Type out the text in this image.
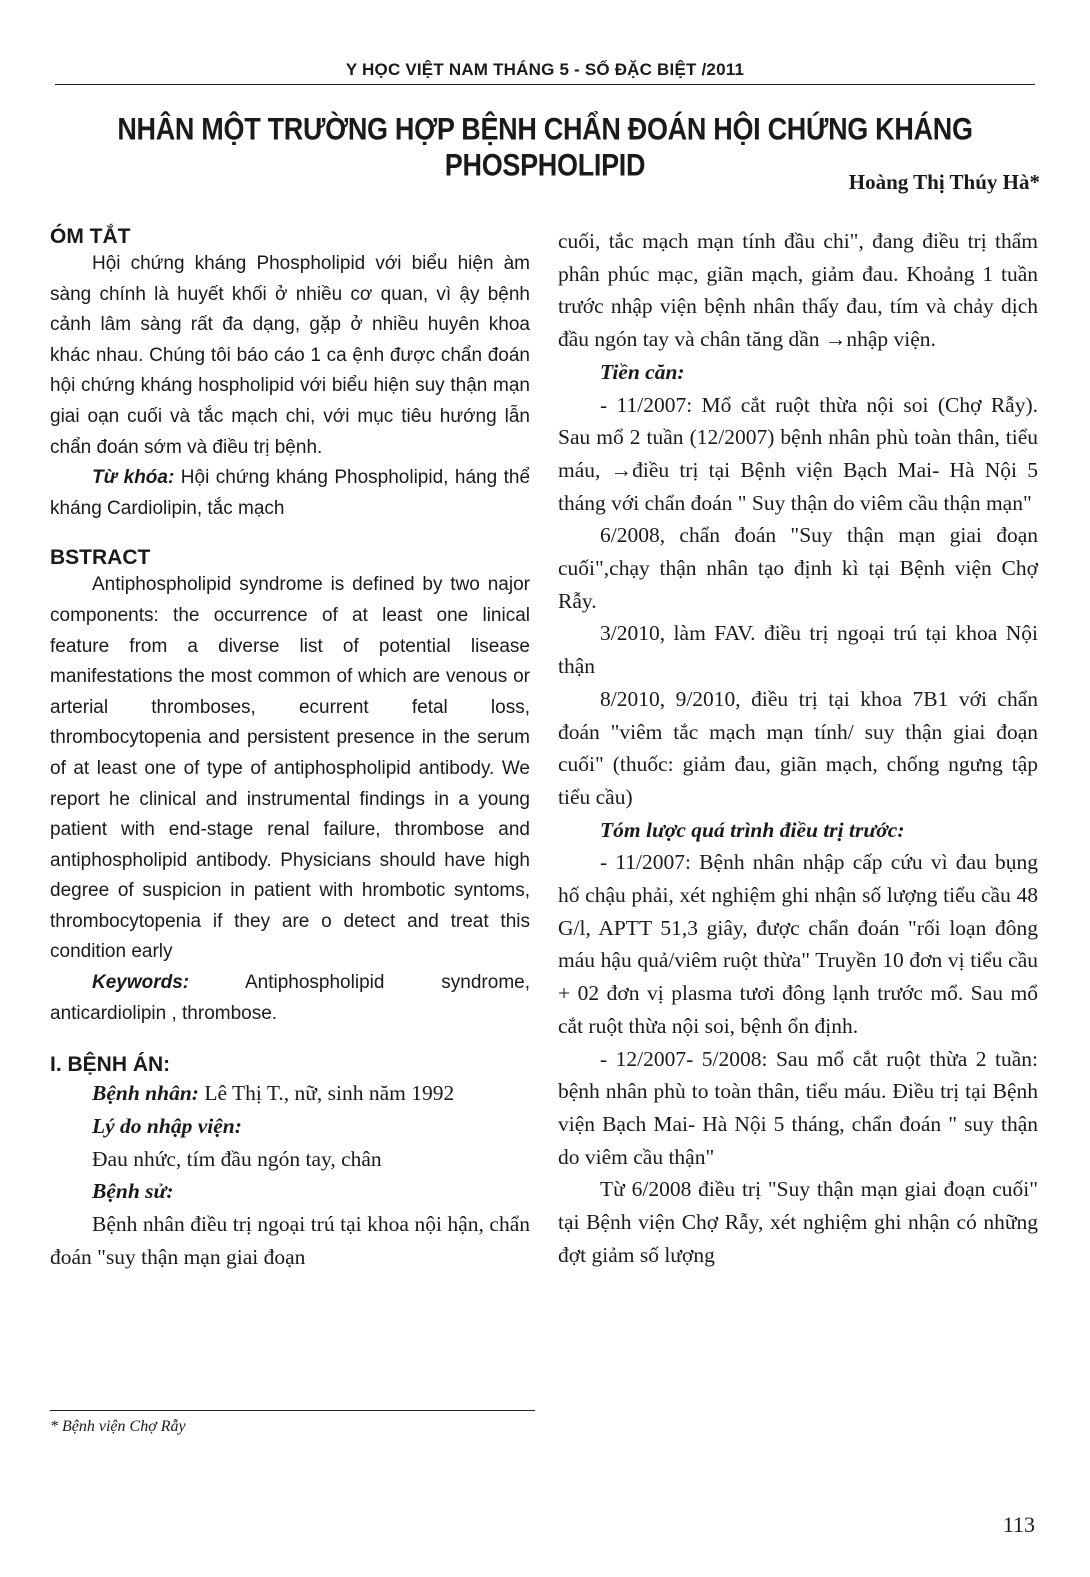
Y HỌC VIỆT NAM THÁNG 5 - SỐ ĐẶC BIỆT /2011
NHÂN MỘT TRƯỜNG HỢP BỆNH CHẨN ĐOÁN HỘI CHỨNG KHÁNG PHOSPHOLIPID	Hoàng Thị Thúy Hà*
ÓM TẮT

Hội chứng kháng Phospholipid với biểu hiện àm sàng chính là huyết khối ở nhiều cơ quan, vì ậy bệnh cảnh lâm sàng rất đa dạng, gặp ở nhiều huyên khoa khác nhau. Chúng tôi báo cáo 1 ca ệnh được chẩn đoán hội chứng kháng hospholipid với biểu hiện suy thận mạn giai oạn cuối và tắc mạch chi, với mục tiêu hướng lẫn chẩn đoán sớm và điều trị bệnh.

Từ khóa: Hội chứng kháng Phospholipid, háng thể kháng Cardiolipin, tắc mạch

BSTRACT

Antiphospholipid syndrome is defined by two najor components: the occurrence of at least one linical feature from a diverse list of potential lisease manifestations the most common of which are venous or arterial thromboses, ecurrent fetal loss, thrombocytopenia and persistent presence in the serum of at least one of type of antiphospholipid antibody. We report he clinical and instrumental findings in a young patient with end-stage renal failure, thrombose and antiphospholipid antibody. Physicians should have high degree of suspicion in patient with hrombotic syntoms, thrombocytopenia if they are o detect and treat this condition early

Keywords:	Antiphospholipid syndrome, anticardiolipin , thrombose.

I. BỆNH ÁN:

Bệnh nhân: Lê Thị T., nữ, sinh năm 1992

Lý do nhập viện:

Đau nhức, tím đầu ngón tay, chân

Bệnh sử:

Bệnh nhân điều trị ngoại trú tại khoa nội hận, chẩn đoán "suy thận mạn giai đoạn

cuối, tắc mạch mạn tính đầu chi", đang điều trị thẩm phân phúc mạc, giãn mạch, giảm đau. Khoảng 1 tuần trước nhập viện bệnh nhân thấy đau, tím và chảy dịch đầu ngón tay và chân tăng dần →nhập viện.

Tiền căn:

- 11/2007: Mổ cắt ruột thừa nội soi (Chợ Rẫy). Sau mổ 2 tuần (12/2007) bệnh nhân phù toàn thân, tiểu máu, →điều trị tại Bệnh viện Bạch Mai- Hà Nội 5 tháng với chẩn đoán " Suy thận do viêm cầu thận mạn"

6/2008, chẩn đoán "Suy thận mạn giai đoạn cuối",chạy thận nhân tạo định kì tại Bệnh viện Chợ Rẫy.

3/2010, làm FAV. điều trị ngoại trú tại khoa Nội thận

8/2010, 9/2010, điều trị tại khoa 7B1 với chẩn đoán "viêm tắc mạch mạn tính/ suy thận giai đoạn cuối" (thuốc: giảm đau, giãn mạch, chống ngưng tập tiểu cầu)

Tóm lược quá trình điều trị trước:

- 11/2007: Bệnh nhân nhập cấp cứu vì đau bụng hố chậu phải, xét nghiệm ghi nhận số lượng tiểu cầu 48 G/l, APTT 51,3 giây, được chẩn đoán "rối loạn đông máu hậu quả/viêm ruột thừa" Truyền 10 đơn vị tiểu cầu + 02 đơn vị plasma tươi đông lạnh trước mổ. Sau mổ cắt ruột thừa nội soi, bệnh ổn định.

- 12/2007- 5/2008: Sau mổ cắt ruột thừa 2 tuần: bệnh nhân phù to toàn thân, tiểu máu. Điều trị tại Bệnh viện Bạch Mai- Hà Nội 5 tháng, chẩn đoán " suy thận do viêm cầu thận"

Từ 6/2008 điều trị "Suy thận mạn giai đoạn cuối" tại Bệnh viện Chợ Rẫy, xét nghiệm ghi nhận có những đợt giảm số lượng

* Bệnh viện Chợ Rẫy
113
